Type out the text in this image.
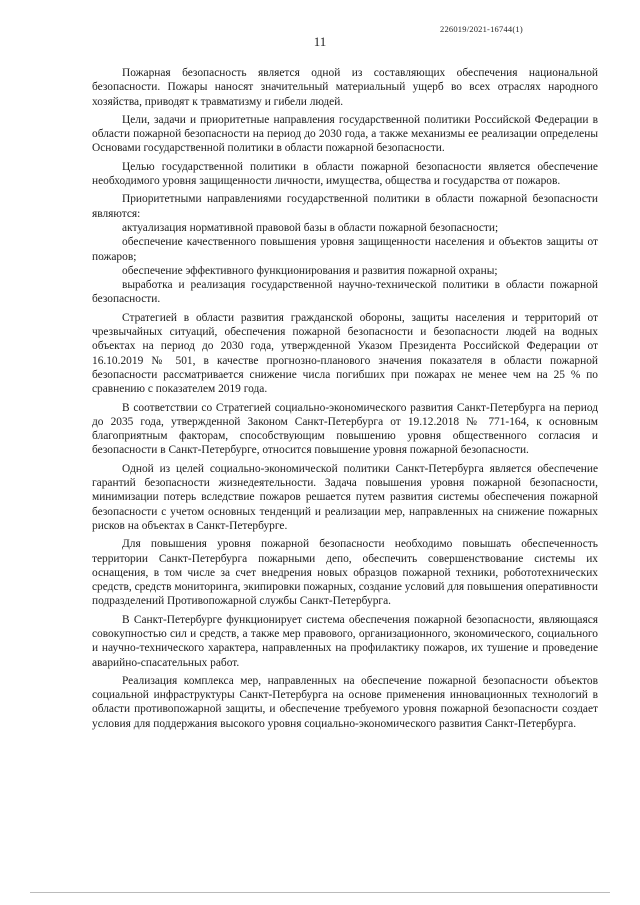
226019/2021-16744(1)
11

Пожарная безопасность является одной из составляющих обеспечения национальной безопасности. Пожары наносят значительный материальный ущерб во всех отраслях народного хозяйства, приводят к травматизму и гибели людей.

Цели, задачи и приоритетные направления государственной политики Российской Федерации в области пожарной безопасности на период до 2030 года, а также механизмы ее реализации определены Основами государственной политики в области пожарной безопасности.

Целью государственной политики в области пожарной безопасности является обеспечение необходимого уровня защищенности личности, имущества, общества и государства от пожаров.

Приоритетными направлениями государственной политики в области пожарной безопасности являются:

актуализация нормативной правовой базы в области пожарной безопасности;

обеспечение качественного повышения уровня защищенности населения и объектов защиты от пожаров;

обеспечение эффективного функционирования и развития пожарной охраны;

выработка и реализация государственной научно-технической политики в области пожарной безопасности.

Стратегией в области развития гражданской обороны, защиты населения и территорий от чрезвычайных ситуаций, обеспечения пожарной безопасности и безопасности людей на водных объектах на период до 2030 года, утвержденной Указом Президента Российской Федерации от 16.10.2019 № 501, в качестве прогнозно-планового значения показателя в области пожарной безопасности рассматривается снижение числа погибших при пожарах не менее чем на 25 % по сравнению с показателем 2019 года.

В соответствии со Стратегией социально-экономического развития Санкт-Петербурга на период до 2035 года, утвержденной Законом Санкт-Петербурга от 19.12.2018 № 771-164, к основным благоприятным факторам, способствующим повышению уровня общественного согласия и безопасности в Санкт-Петербурге, относится повышение уровня пожарной безопасности.

Одной из целей социально-экономической политики Санкт-Петербурга является обеспечение гарантий безопасности жизнедеятельности. Задача повышения уровня пожарной безопасности, минимизации потерь вследствие пожаров решается путем развития системы обеспечения пожарной безопасности с учетом основных тенденций и реализации мер, направленных на снижение пожарных рисков на объектах в Санкт-Петербурге.

Для повышения уровня пожарной безопасности необходимо повышать обеспеченность территории Санкт-Петербурга пожарными депо, обеспечить совершенствование системы их оснащения, в том числе за счет внедрения новых образцов пожарной техники, робототехнических средств, средств мониторинга, экипировки пожарных, создание условий для повышения оперативности подразделений Противопожарной службы Санкт-Петербурга.

В Санкт-Петербурге функционирует система обеспечения пожарной безопасности, являющаяся совокупностью сил и средств, а также мер правового, организационного, экономического, социального и научно-технического характера, направленных на профилактику пожаров, их тушение и проведение аварийно-спасательных работ.

Реализация комплекса мер, направленных на обеспечение пожарной безопасности объектов социальной инфраструктуры Санкт-Петербурга на основе применения инновационных технологий в области противопожарной защиты, и обеспечение требуемого уровня пожарной безопасности создает условия для поддержания высокого уровня социально-экономического развития Санкт-Петербурга.
